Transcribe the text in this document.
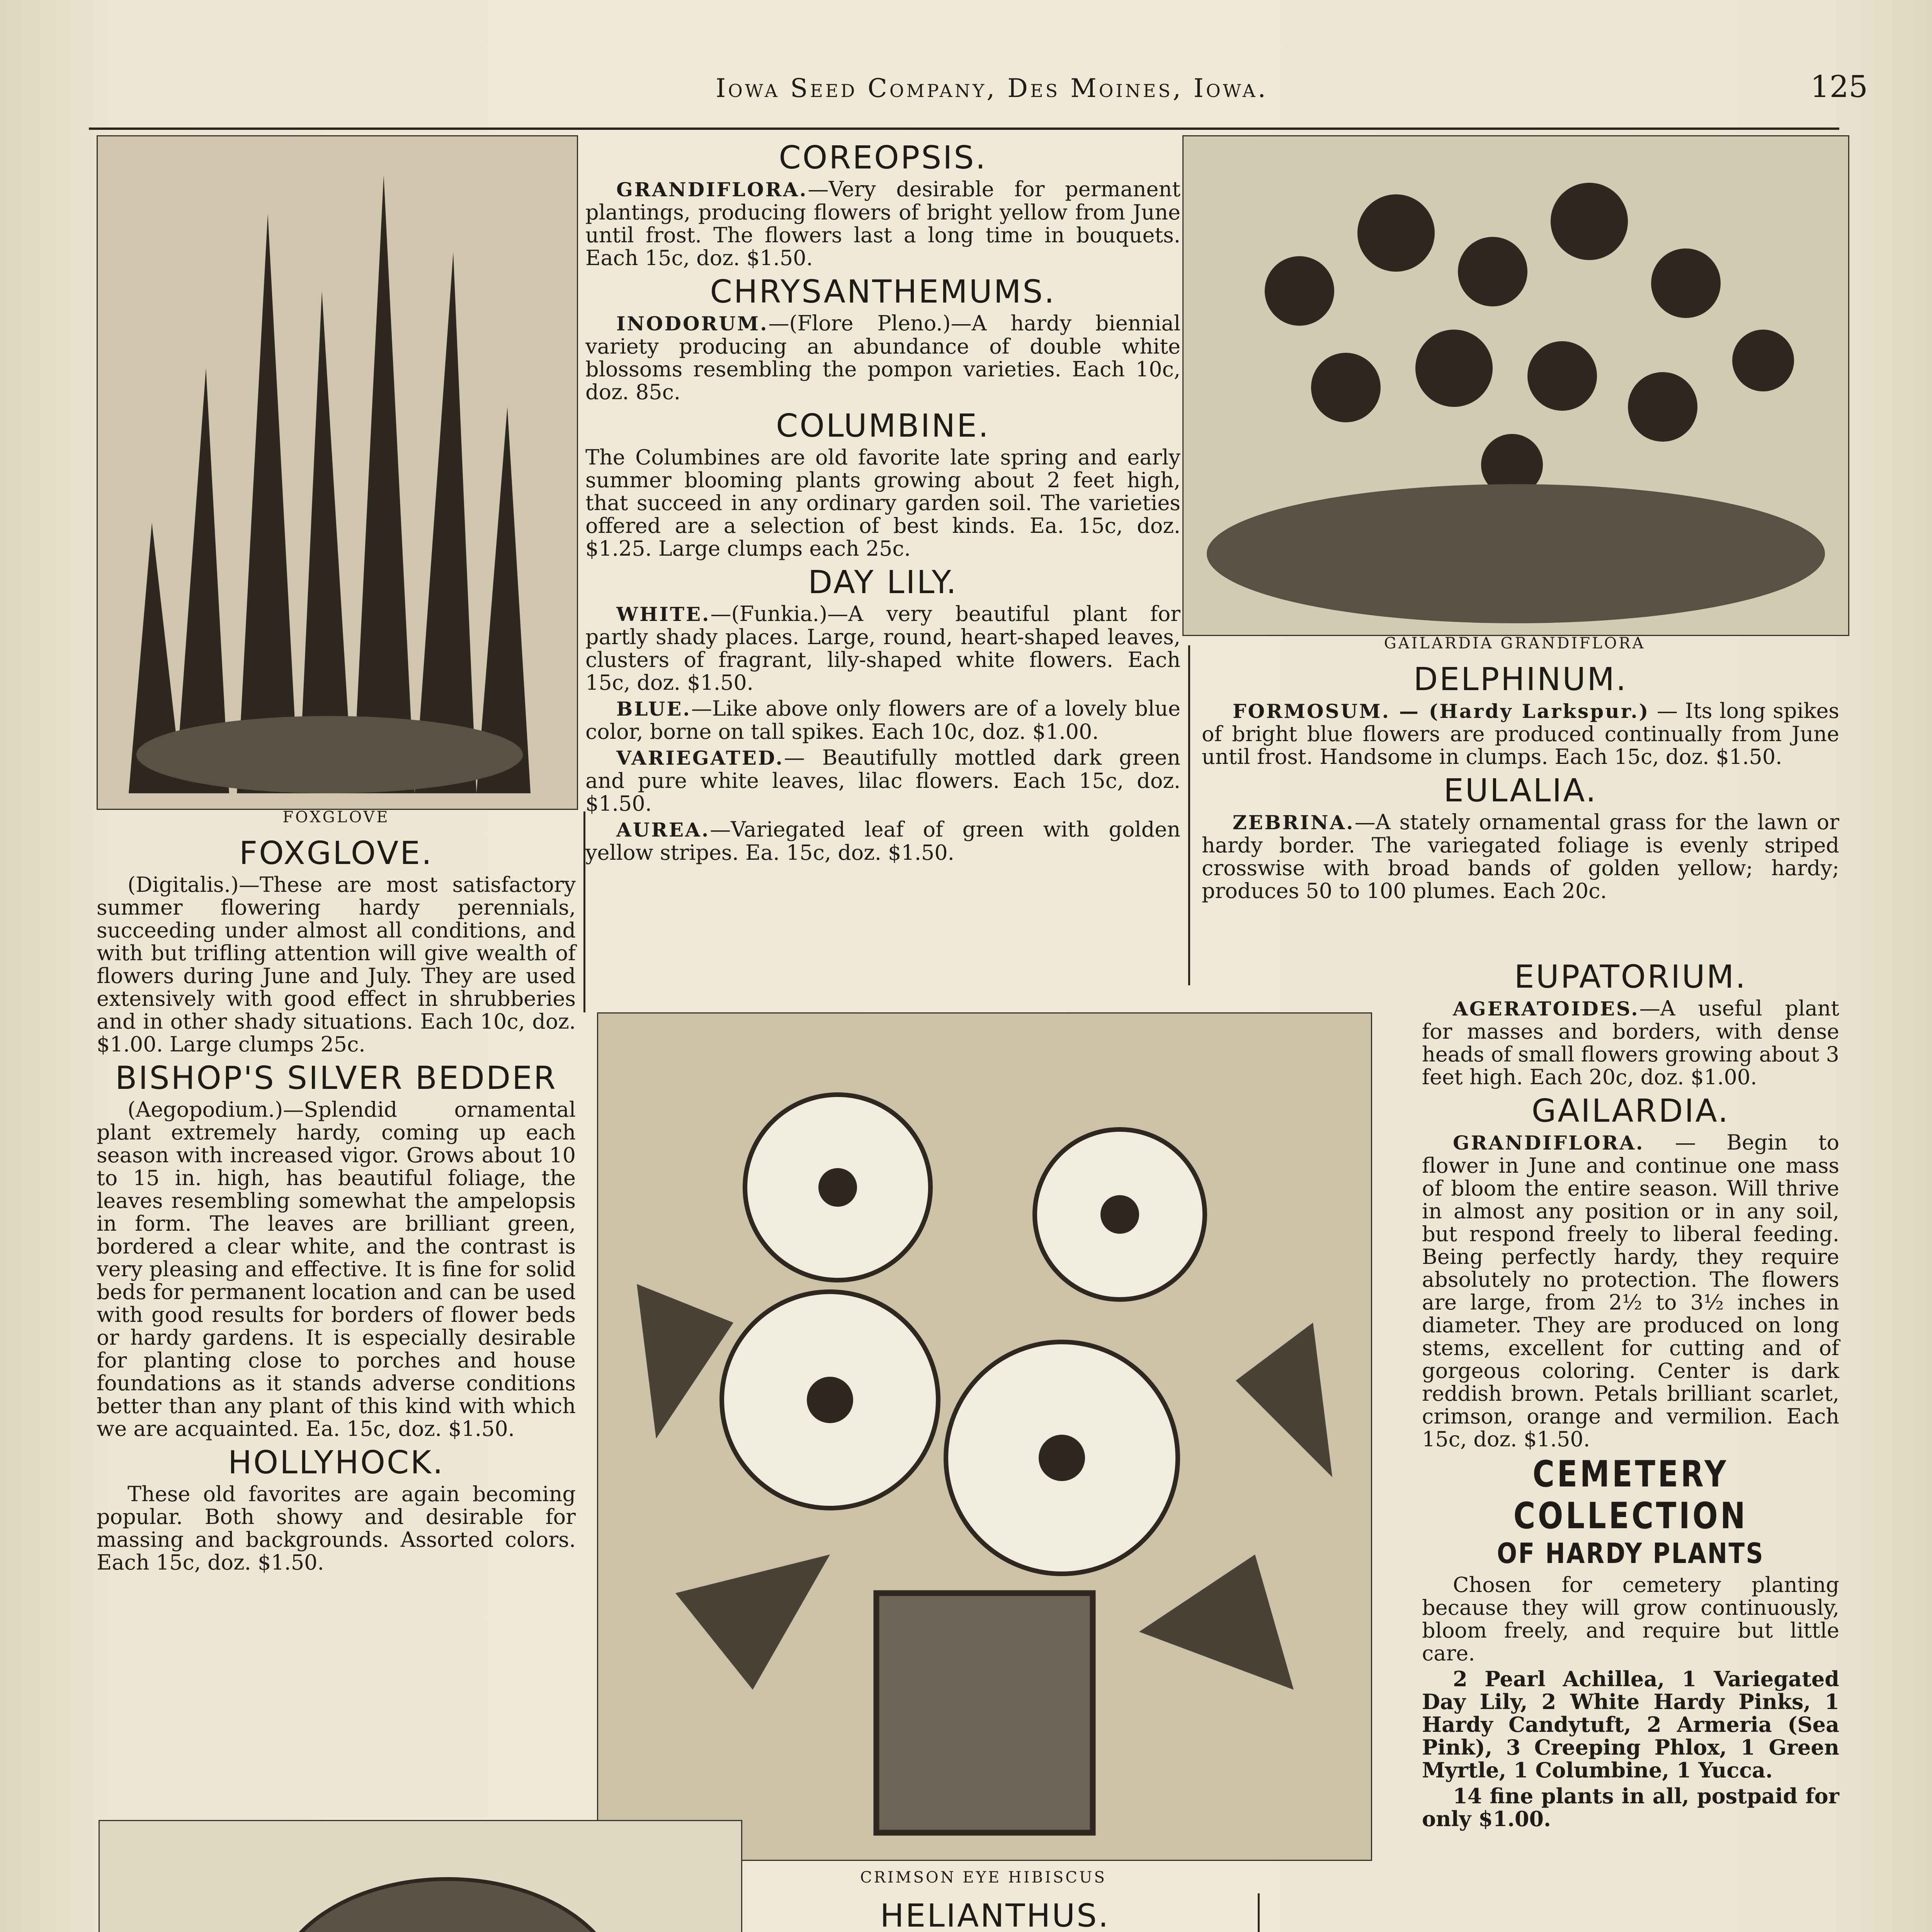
Iowa Seed Company, Des Moines, Iowa.	125
FOXGLOVE
GAILARDIA GRANDIFLORA
CRIMSON EYE HIBISCUS
FOXGLOVE.

(Digitalis.)—These are most satisfactory summer flowering hardy perennials, succeeding under almost all conditions, and with but trifling attention will give wealth of flowers during June and July. They are used extensively with good effect in shrubberies and in other shady situations. Each 10c, doz. $1.00. Large clumps 25c.

BISHOP'S SILVER BEDDER

(Aegopodium.)—Splendid ornamental plant extremely hardy, coming up each season with increased vigor. Grows about 10 to 15 in. high, has beautiful foliage, the leaves resembling somewhat the ampelopsis in form. The leaves are brilliant green, bordered a clear white, and the contrast is very pleasing and effective. It is fine for solid beds for permanent location and can be used with good results for borders of flower beds or hardy gardens. It is especially desirable for planting close to porches and house foundations as it stands adverse conditions better than any plant of this kind with which we are acquainted. Ea. 15c, doz. $1.50.

HOLLYHOCK.

These old favorites are again becoming popular. Both showy and desirable for massing and backgrounds. Assorted colors. Each 15c, doz. $1.50.

COREOPSIS.

GRANDIFLORA.—Very desirable for permanent plantings, producing flowers of bright yellow from June until frost. The flowers last a long time in bouquets. Each 15c, doz. $1.50.

CHRYSANTHEMUMS.

INODORUM.—(Flore Pleno.)—A hardy biennial variety producing an abundance of double white blossoms resembling the pompon varieties. Each 10c, doz. 85c.

COLUMBINE.

The Columbines are old favorite late spring and early summer blooming plants growing about 2 feet high, that succeed in any ordinary garden soil. The varieties offered are a selection of best kinds. Ea. 15c, doz. $1.25. Large clumps each 25c.

DAY LILY.

WHITE.—(Funkia.)—A very beautiful plant for partly shady places. Large, round, heart-shaped leaves, clusters of fragrant, lily-shaped white flowers. Each 15c, doz. $1.50.

BLUE.—Like above only flowers are of a lovely blue color, borne on tall spikes. Each 10c, doz. $1.00.

VARIEGATED.— Beautifully mottled dark green and pure white leaves, lilac flowers. Each 15c, doz. $1.50.

AUREA.—Variegated leaf of green with golden yellow stripes. Ea. 15c, doz. $1.50.

HELIANTHUS.

DELPHINUM.

FORMOSUM. — (Hardy Larkspur.) — Its long spikes of bright blue flowers are produced continually from June until frost. Handsome in clumps. Each 15c, doz. $1.50.

EULALIA.

ZEBRINA.—A stately ornamental grass for the lawn or hardy border. The variegated foliage is evenly striped crosswise with broad bands of golden yellow; hardy; produces 50 to 100 plumes. Each 20c.

EUPATORIUM.

AGERATOIDES.—A useful plant for masses and borders, with dense heads of small flowers growing about 3 feet high. Each 20c, doz. $1.00.

GAILARDIA.

GRANDIFLORA. — Begin to flower in June and continue one mass of bloom the entire season. Will thrive in almost any position or in any soil, but respond freely to liberal feeding. Being perfectly hardy, they require absolutely no protection. The flowers are large, from 2½ to 3½ inches in diameter. They are produced on long stems, excellent for cutting and of gorgeous coloring. Center is dark reddish brown. Petals brilliant scarlet, crimson, orange and vermilion. Each 15c, doz. $1.50.

CEMETERY COLLECTION
OF HARDY PLANTS

Chosen for cemetery planting because they will grow continuously, bloom freely, and require but little care.

2 Pearl Achillea, 1 Variegated Day Lily, 2 White Hardy Pinks, 1 Hardy Candytuft, 2 Armeria (Sea Pink), 3 Creeping Phlox, 1 Green Myrtle, 1 Columbine, 1 Yucca.

14 fine plants in all, postpaid for only $1.00.
